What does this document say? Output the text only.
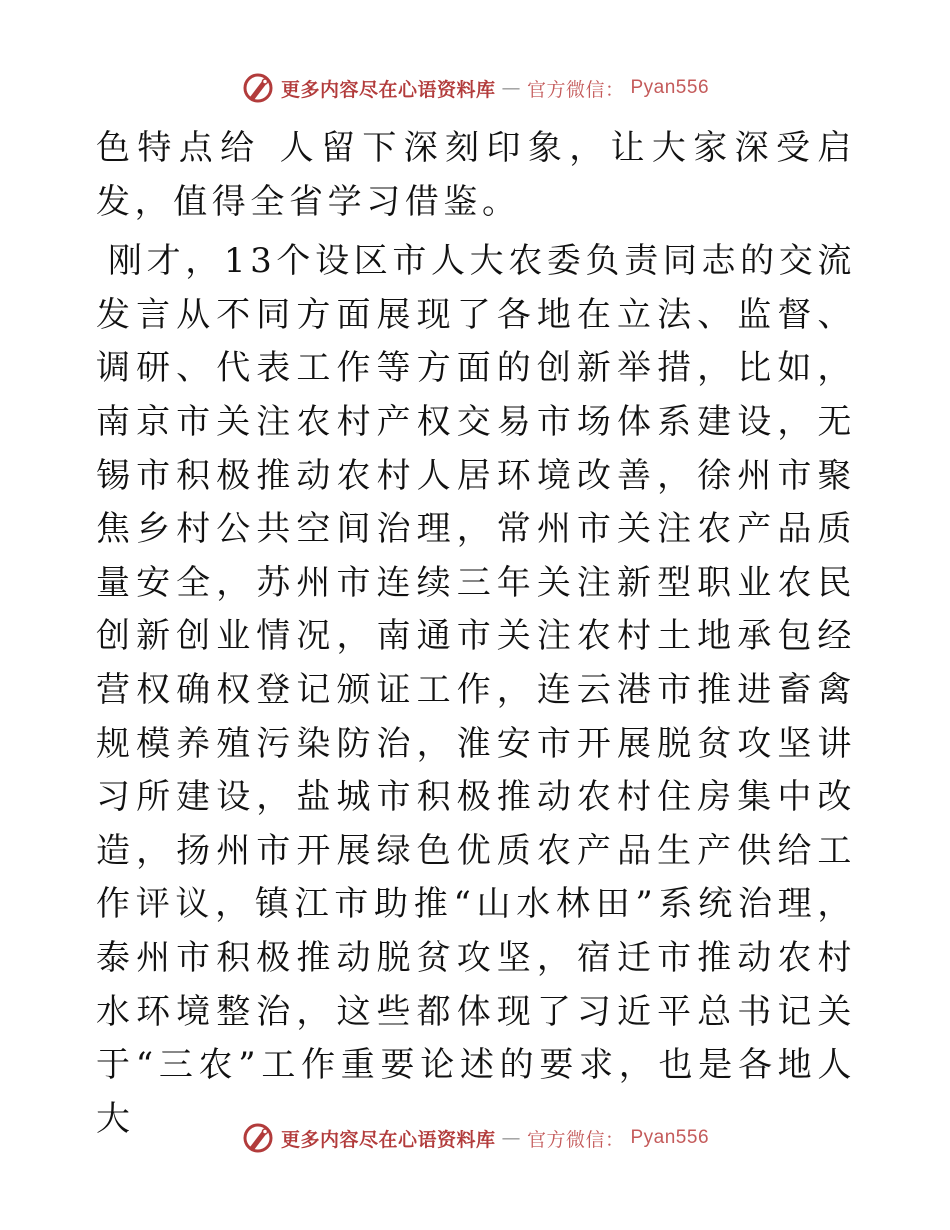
更多内容尽在心语资料库 — 官方微信： Pyan556

色特点给 人留下深刻印象，让大家深受启发，值得全省学习借鉴。

刚才，13个设区市人大农委负责同志的交流发言从不同方面展现了各地在立法、监督、调研、代表工作等方面的创新举措，比如，南京市关注农村产权交易市场体系建设，无锡市积极推动农村人居环境改善，徐州市聚焦乡村公共空间治理，常州市关注农产品质量安全，苏州市连续三年关注新型职业农民创新创业情况，南通市关注农村土地承包经营权确权登记颁证工作，连云港市推进畜禽规模养殖污染防治，淮安市开展脱贫攻坚讲习所建设，盐城市积极推动农村住房集中改造，扬州市开展绿色优质农产品生产供给工作评议，镇江市助推“山水林田”系统治理，泰州市积极推动脱贫攻坚，宿迁市推动农村水环境整治，这些都体现了习近平总书记关于“三农”工作重要论述的要求，也是各地人大

更多内容尽在心语资料库 — 官方微信： Pyan556
